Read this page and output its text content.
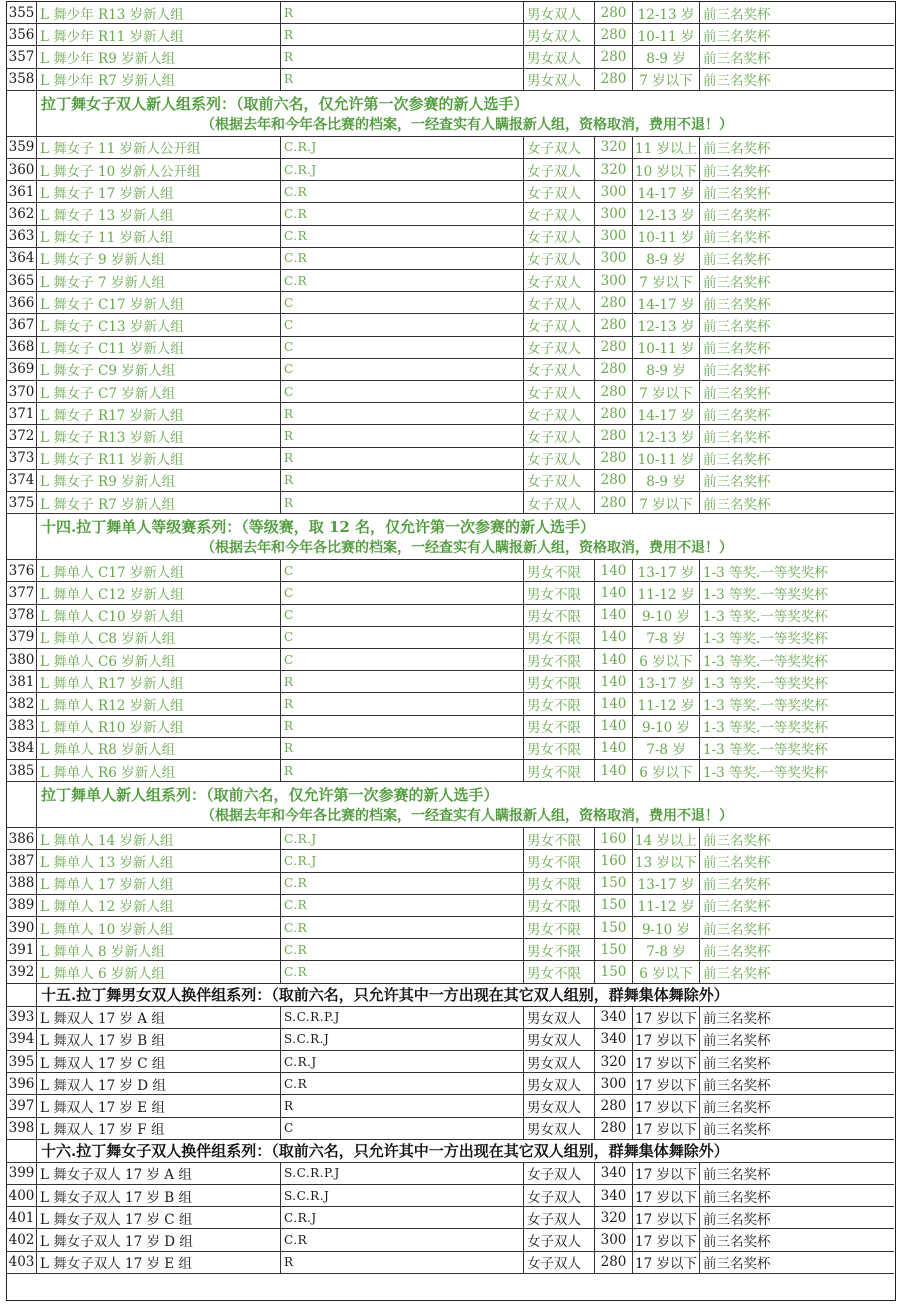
355 L 舞少年 R13 岁新人组	R	男女双人	280 12-13 岁 前三名奖杯
356 L 舞少年 R11 岁新人组	R	男女双人	280 10-11 岁 前三名奖杯
357 L 舞少年 R9 岁新人组	R	男女双人	280	8-9 岁	前三名奖杯
358 L 舞少年 R7 岁新人组	R	男女双人	280 7 岁以下 前三名奖杯
拉丁舞女子双人新人组系列：（取前六名，仅允许第一次参赛的新人选手）
（根据去年和今年各比赛的档案，一经查实有人瞒报新人组，资格取消，费用不退！）
359 L 舞女子 11 岁新人公开组	C.R.J	女子双人	320 11 岁以上 前三名奖杯
360 L 舞女子 10 岁新人公开组	C.R.J	女子双人	320 10 岁以下 前三名奖杯
361 L 舞女子 17 岁新人组	C.R	女子双人	300 14-17 岁 前三名奖杯
362 L 舞女子 13 岁新人组	C.R	女子双人	300 12-13 岁 前三名奖杯
363 L 舞女子 11 岁新人组	C.R	女子双人	300 10-11 岁 前三名奖杯
364 L 舞女子 9 岁新人组	C.R	女子双人	300	8-9 岁	前三名奖杯
365 L 舞女子 7 岁新人组	C.R	女子双人	300 7 岁以下 前三名奖杯
366 L 舞女子 C17 岁新人组	C	女子双人	280 14-17 岁 前三名奖杯
367 L 舞女子 C13 岁新人组	C	女子双人	280 12-13 岁 前三名奖杯
368 L 舞女子 C11 岁新人组	C	女子双人	280 10-11 岁 前三名奖杯
369 L 舞女子 C9 岁新人组	C	女子双人	280	8-9 岁	前三名奖杯
370 L 舞女子 C7 岁新人组	C	女子双人	280 7 岁以下 前三名奖杯
371 L 舞女子 R17 岁新人组	R	女子双人	280 14-17 岁 前三名奖杯
372 L 舞女子 R13 岁新人组	R	女子双人	280 12-13 岁 前三名奖杯
373 L 舞女子 R11 岁新人组	R	女子双人	280 10-11 岁 前三名奖杯
374 L 舞女子 R9 岁新人组	R	女子双人	280	8-9 岁	前三名奖杯
375 L 舞女子 R7 岁新人组	R	女子双人	280 7 岁以下 前三名奖杯
十四.拉丁舞单人等级赛系列：（等级赛，取 12 名，仅允许第一次参赛的新人选手）
（根据去年和今年各比赛的档案，一经查实有人瞒报新人组，资格取消，费用不退！）
376 L 舞单人 C17 岁新人组	C	男女不限	140 13-17 岁 1-3 等奖.一等奖奖杯
377 L 舞单人 C12 岁新人组	C	男女不限	140 11-12 岁 1-3 等奖.一等奖奖杯
378 L 舞单人 C10 岁新人组	C	男女不限	140	9-10 岁 1-3 等奖.一等奖奖杯
379 L 舞单人 C8 岁新人组	C	男女不限	140	7-8 岁	1-3 等奖.一等奖奖杯
380 L 舞单人 C6 岁新人组	C	男女不限	140 6 岁以下 1-3 等奖.一等奖奖杯
381 L 舞单人 R17 岁新人组	R	男女不限	140 13-17 岁 1-3 等奖.一等奖奖杯
382 L 舞单人 R12 岁新人组	R	男女不限	140 11-12 岁 1-3 等奖.一等奖奖杯
383 L 舞单人 R10 岁新人组	R	男女不限	140	9-10 岁 1-3 等奖.一等奖奖杯
384 L 舞单人 R8 岁新人组	R	男女不限	140	7-8 岁	1-3 等奖.一等奖奖杯
385 L 舞单人 R6 岁新人组	R	男女不限	140 6 岁以下 1-3 等奖.一等奖奖杯
拉丁舞单人新人组系列：（取前六名，仅允许第一次参赛的新人选手）
（根据去年和今年各比赛的档案，一经查实有人瞒报新人组，资格取消，费用不退！）
386 L 舞单人 14 岁新人组	C.R.J	男女不限	160 14 岁以上 前三名奖杯
387 L 舞单人 13 岁新人组	C.R.J	男女不限	160 13 岁以下 前三名奖杯
388 L 舞单人 17 岁新人组	C.R	男女不限	150 13-17 岁 前三名奖杯
389 L 舞单人 12 岁新人组	C.R	男女不限	150 11-12 岁 前三名奖杯
390 L 舞单人 10 岁新人组	C.R	男女不限	150	9-10 岁 前三名奖杯
391 L 舞单人 8 岁新人组	C.R	男女不限	150	7-8 岁	前三名奖杯
392 L 舞单人 6 岁新人组	C.R	男女不限	150 6 岁以下 前三名奖杯
十五.拉丁舞男女双人换伴组系列：（取前六名，只允许其中一方出现在其它双人组别，群舞集体舞除外）
393 L 舞双人 17 岁 A 组	S.C.R.P.J	男女双人	340 17 岁以下 前三名奖杯
394 L 舞双人 17 岁 B 组	S.C.R.J	男女双人	340 17 岁以下 前三名奖杯
395 L 舞双人 17 岁 C 组	C.R.J	男女双人	320 17 岁以下 前三名奖杯
396 L 舞双人 17 岁 D 组	C.R	男女双人	300 17 岁以下 前三名奖杯
397 L 舞双人 17 岁 E 组	R	男女双人	280 17 岁以下 前三名奖杯
398 L 舞双人 17 岁 F 组	C	男女双人	280 17 岁以下 前三名奖杯
十六.拉丁舞女子双人换伴组系列：（取前六名，只允许其中一方出现在其它双人组别，群舞集体舞除外）
399 L 舞女子双人 17 岁 A 组	S.C.R.P.J	女子双人	340 17 岁以下 前三名奖杯
400 L 舞女子双人 17 岁 B 组	S.C.R.J	女子双人	340 17 岁以下 前三名奖杯
401 L 舞女子双人 17 岁 C 组	C.R.J	女子双人	320 17 岁以下 前三名奖杯
402 L 舞女子双人 17 岁 D 组	C.R	女子双人	300 17 岁以下 前三名奖杯
403 L 舞女子双人 17 岁 E 组	R	女子双人	280 17 岁以下 前三名奖杯
